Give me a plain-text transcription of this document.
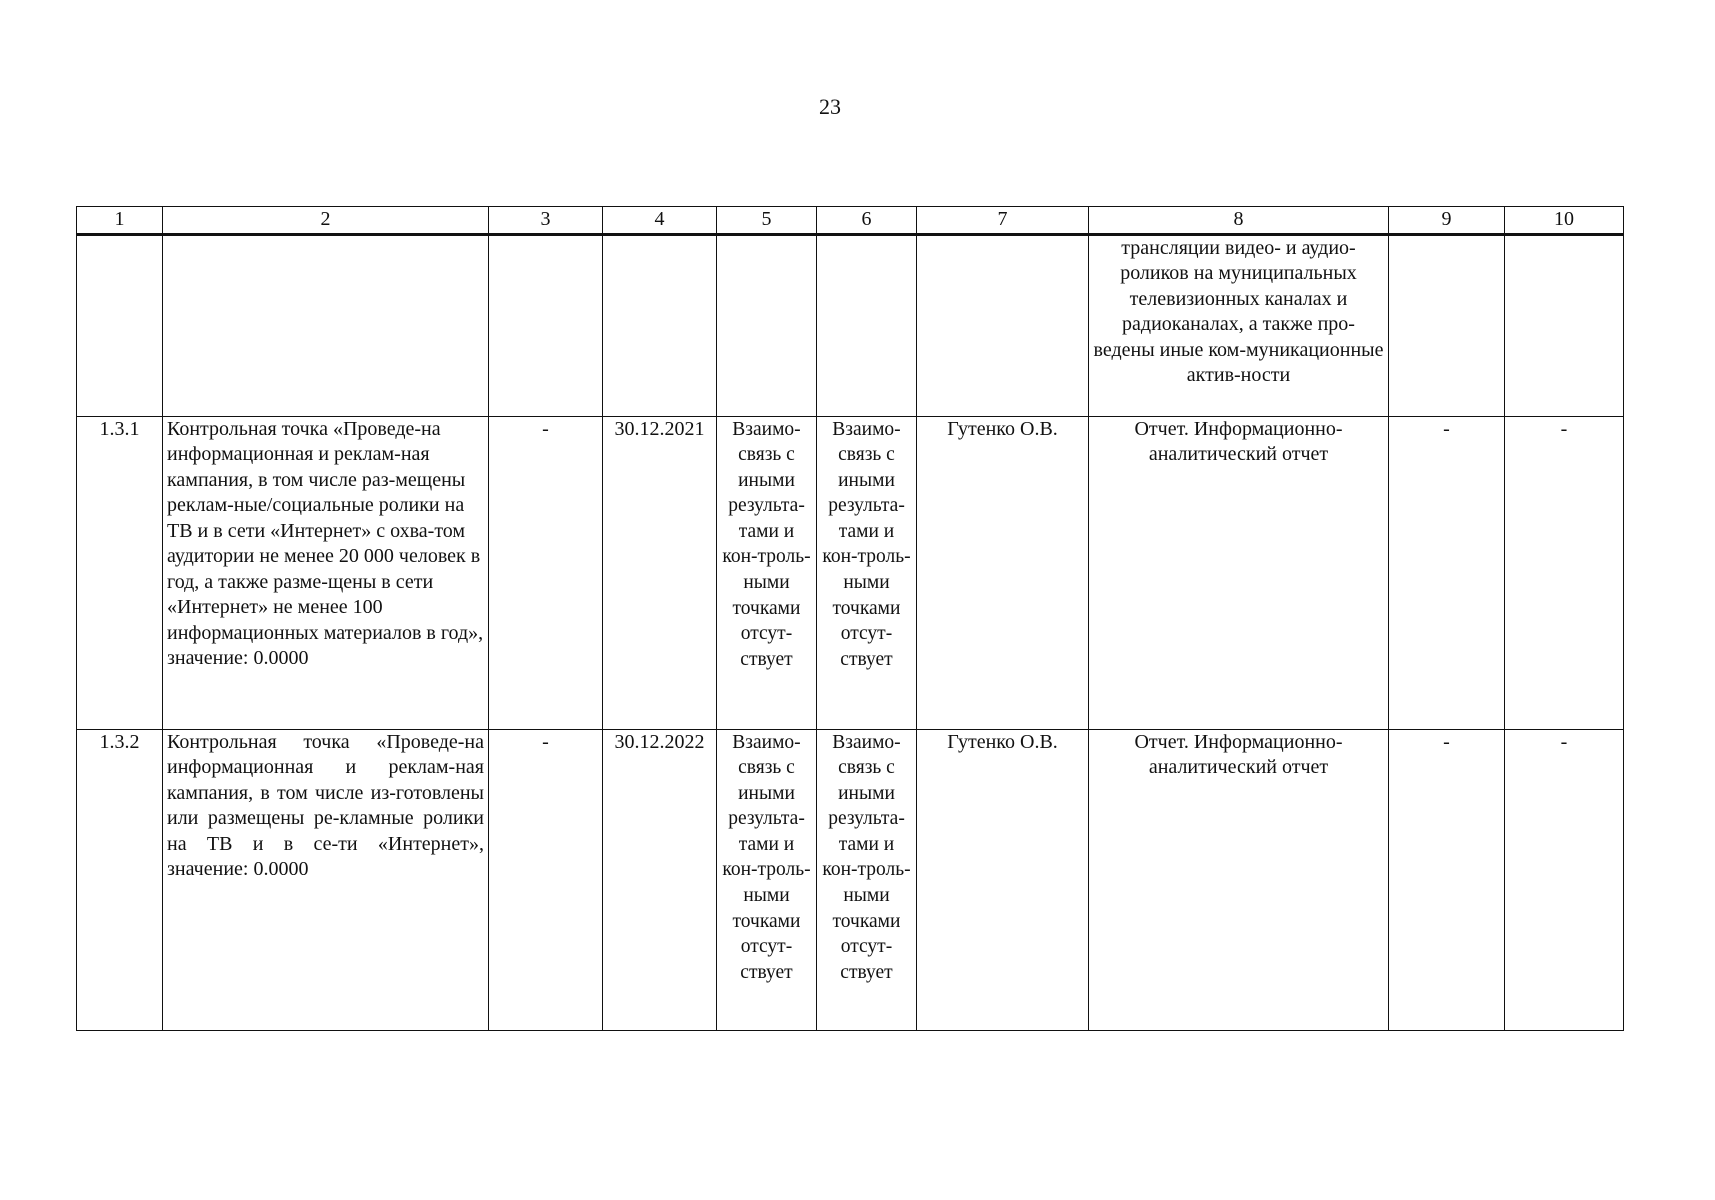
23
1	2	3	4	5	6	7	8	9	10
							трансляции видео- и аудио-роликов на муниципальных телевизионных каналах и радиоканалах, а также про-ведены иные ком-муникационные актив-ности		
1.3.1	Контрольная точка «Проведе-на информационная и реклам-ная кампания, в том числе раз-мещены реклам-ные/социальные ролики на ТВ и в сети «Интернет» с охва-том аудитории не менее 20 000 человек в год, а также разме-щены в сети «Интернет» не менее 100 информационных материалов в год», значение: 0.0000	-	30.12.2021	Взаимо-связь с иными результа-тами и кон-троль-ными точками отсут-ствует	Взаимо-связь с иными результа-тами и кон-троль-ными точками отсут-ствует	Гутенко О.В.	Отчет. Информационно-аналитический отчет	-	-
1.3.2	Контрольная точка «Проведе-на информационная и реклам-ная кампания, в том числе из-готовлены или размещены ре-кламные ролики на ТВ и в се-ти «Интернет», значение: 0.0000	-	30.12.2022	Взаимо-связь с иными результа-тами и кон-троль-ными точками отсут-ствует	Взаимо-связь с иными результа-тами и кон-троль-ными точками отсут-ствует	Гутенко О.В.	Отчет. Информационно-аналитический отчет	-	-
